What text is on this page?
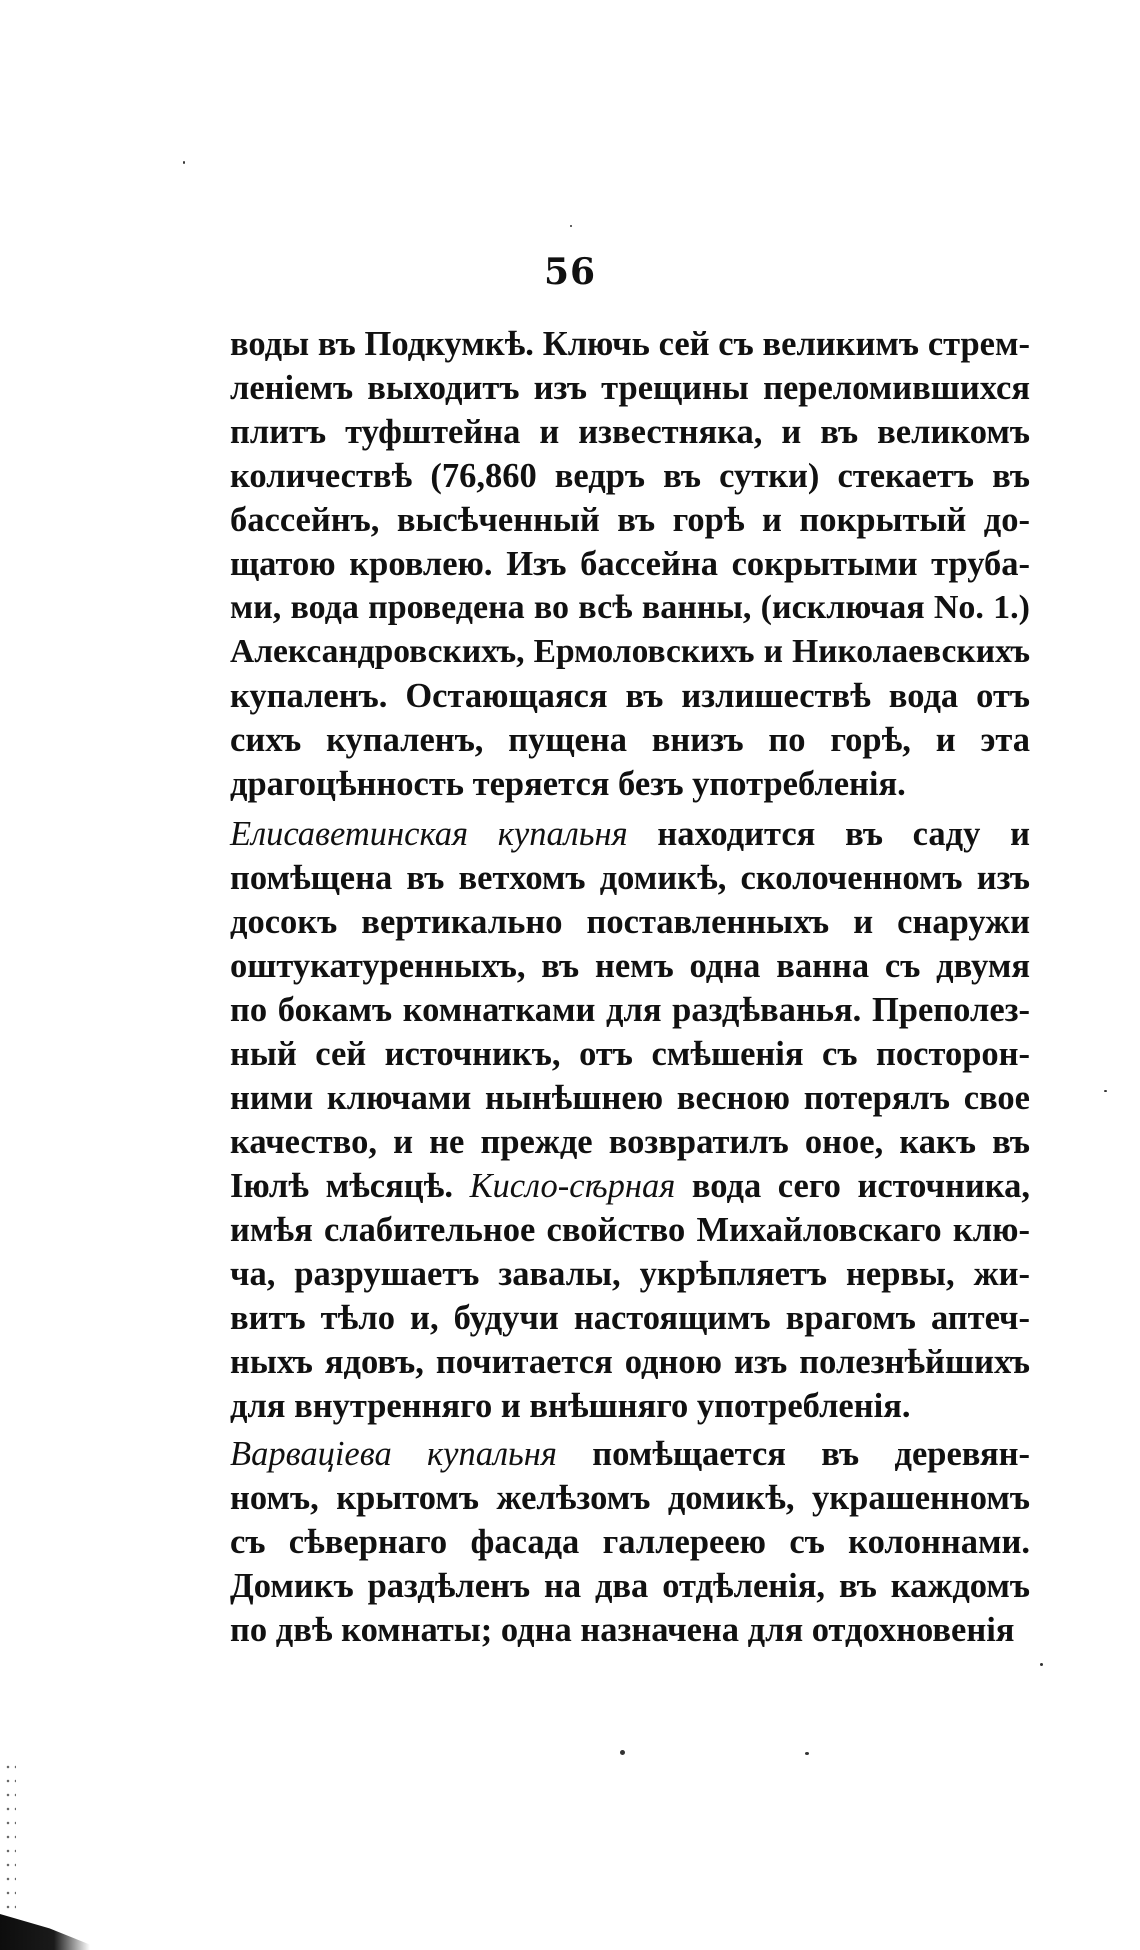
56
воды въ Подкумкѣ. Ключь сей съ великимъ стрем-
леніемъ выходитъ изъ трещины переломившихся
плитъ туфштейна и известняка, и въ великомъ
количествѣ (76,860 ведръ въ сутки) стекаетъ въ
бассейнъ, высѣченный въ горѣ и покрытый до-
щатою кровлею. Изъ бассейна сокрытыми труба-
ми, вода проведена во всѣ ванны, (исключая No. 1.)
Александровскихъ, Ермоловскихъ и Николаевскихъ
купаленъ. Остающаяся въ излишествѣ вода отъ
сихъ купаленъ, пущена внизъ по горѣ, и эта
драгоцѣнность теряется безъ употребленія.
Елисаветинская купальня находится въ саду и
помѣщена въ ветхомъ домикѣ, сколоченномъ изъ
досокъ вертикально поставленныхъ и снаружи
оштукатуренныхъ, въ немъ одна ванна съ двумя
по бокамъ комнатками для раздѣванья. Преполез-
ный сей источникъ, отъ смѣшенія съ посторон-
ними ключами нынѣшнею весною потерялъ свое
качество, и не прежде возвратилъ оное, какъ въ
Іюлѣ мѣсяцѣ. Кисло-сѣрная вода сего источника,
имѣя слабительное свойство Михайловскаго клю-
ча, разрушаетъ завалы, укрѣпляетъ нервы, жи-
витъ тѣло и, будучи настоящимъ врагомъ аптеч-
ныхъ ядовъ, почитается одною изъ полезнѣйшихъ
для внутренняго и внѣшняго употребленія.
Варваціева купальня помѣщается въ деревян-
номъ, крытомъ желѣзомъ домикѣ, украшенномъ
съ сѣвернаго фасада галлереею съ колоннами.
Домикъ раздѣленъ на два отдѣленія, въ каждомъ
по двѣ комнаты; одна назначена для отдохновенія
